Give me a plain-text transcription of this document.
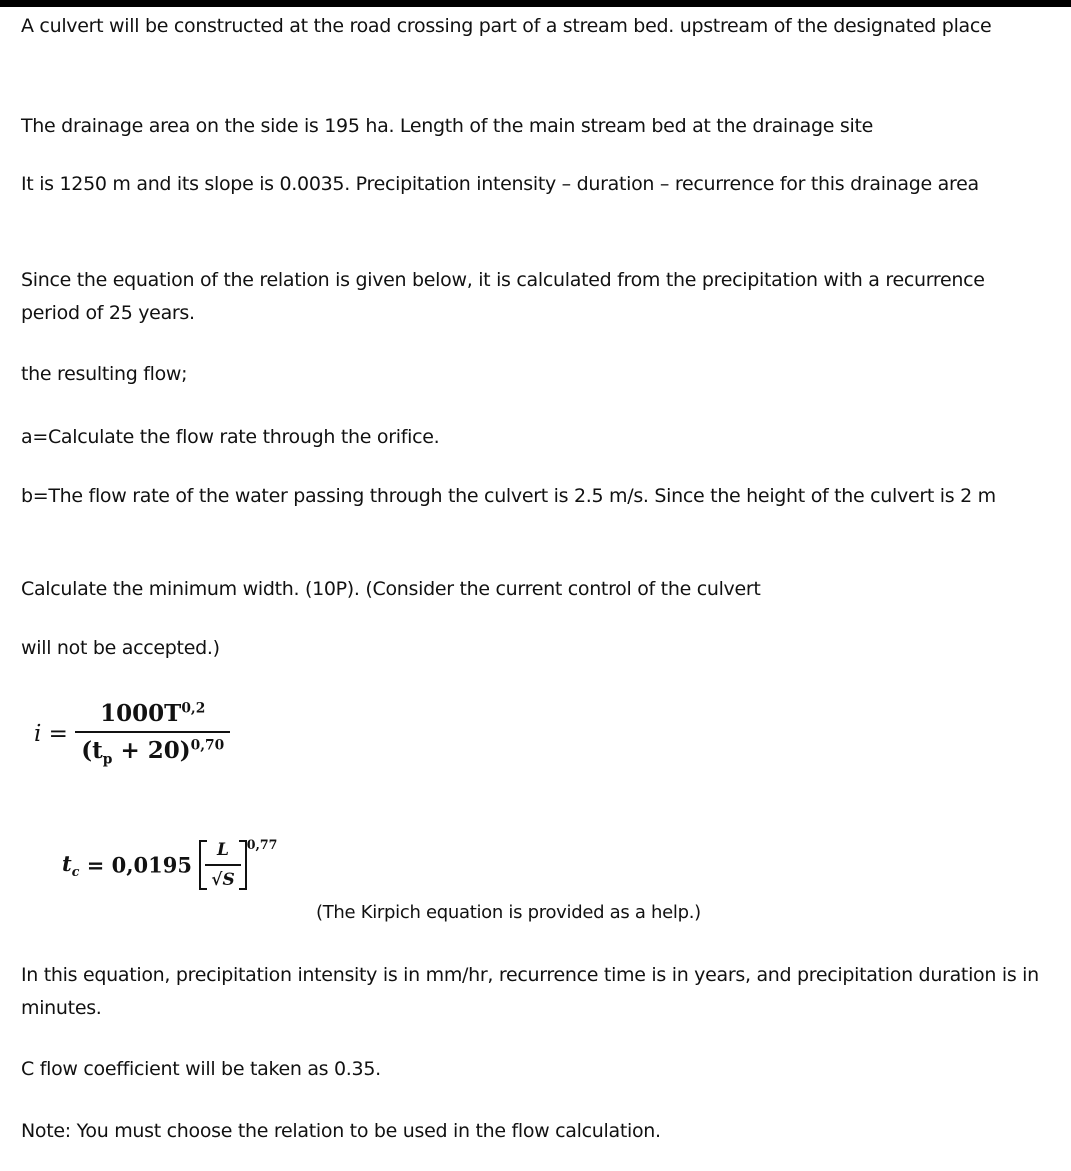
A culvert will be constructed at the road crossing part of a stream bed. upstream of the designated place

The drainage area on the side is 195 ha. Length of the main stream bed at the drainage site

It is 1250 m and its slope is 0.0035. Precipitation intensity – duration – recurrence for this drainage area

Since the equation of the relation is given below, it is calculated from the precipitation with a recurrence period of 25 years.

the resulting flow;

a=Calculate the flow rate through the orifice.

b=The flow rate of the water passing through the culvert is 2.5 m/s. Since the height of the culvert is 2 m

Calculate the minimum width. (10P). (Consider the current control of the culvert

will not be accepted.)

$i = \frac{1000T^{0,2}}{(t_p + 20)^{0,70}}$
$t_c = 0,0195 \frac{L}{√S} ^{0,77}$

(The Kirpich equation is provided as a help.)

In this equation, precipitation intensity is in mm/hr, recurrence time is in years, and precipitation duration is in minutes.

C flow coefficient will be taken as 0.35.

Note: You must choose the relation to be used in the flow calculation.
